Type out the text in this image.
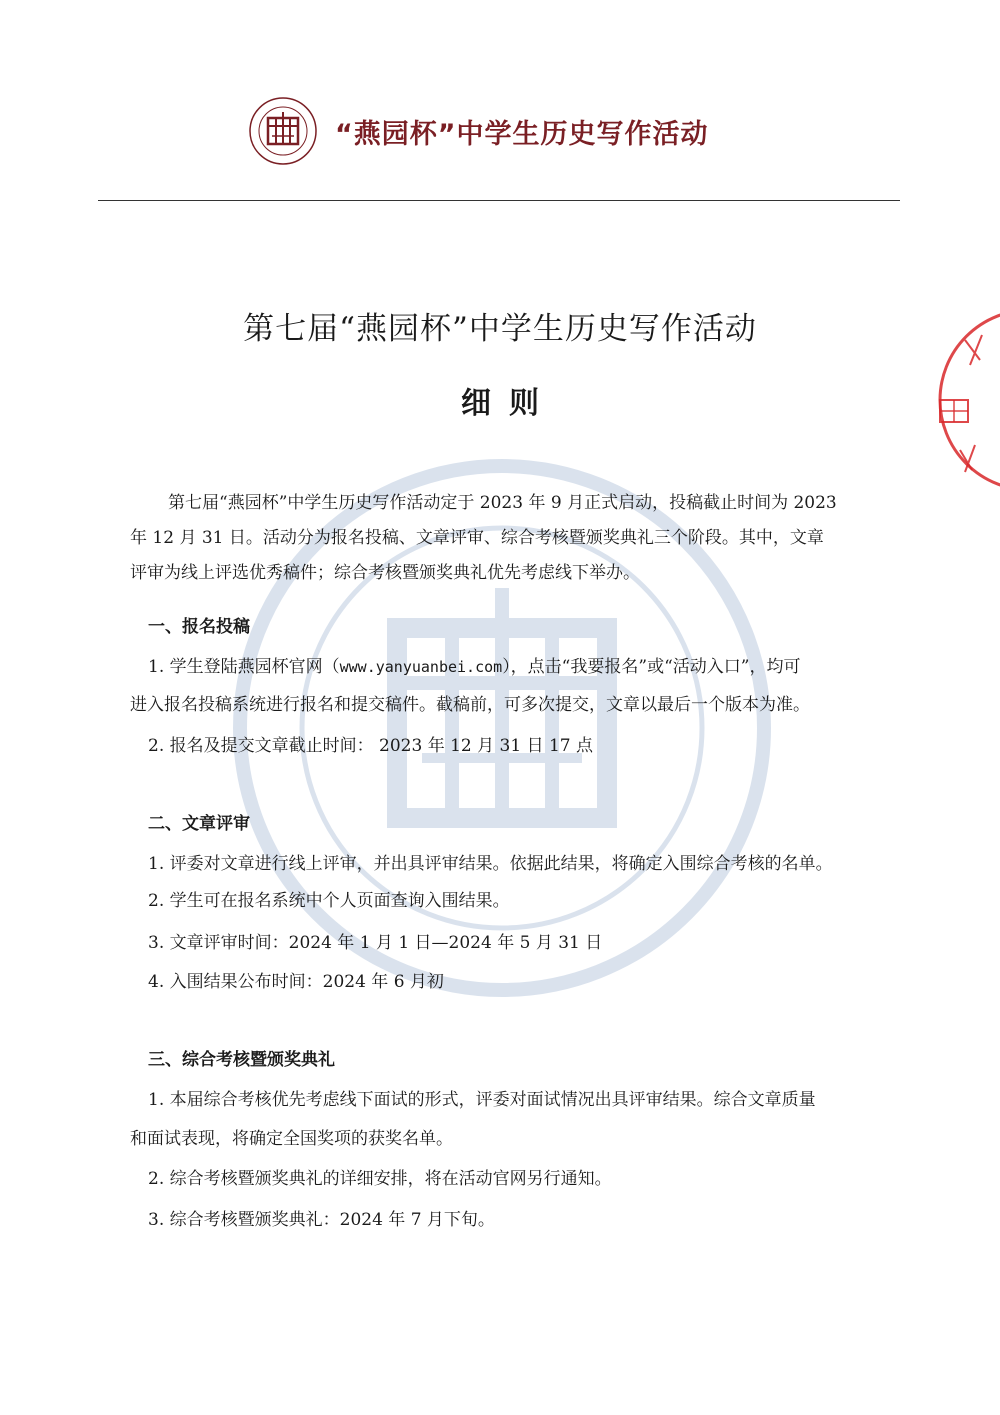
“燕园杯”中学生历史写作活动
第七届“燕园杯”中学生历史写作活动
细则
第七届“燕园杯”中学生历史写作活动定于 2023 年 9 月正式启动，投稿截止时间为 2023
年 12 月 31 日。活动分为报名投稿、文章评审、综合考核暨颁奖典礼三个阶段。其中，文章
评审为线上评选优秀稿件；综合考核暨颁奖典礼优先考虑线下举办。
一、报名投稿
1. 学生登陆燕园杯官网（www.yanyuanbei.com），点击“我要报名”或“活动入口”，均可
进入报名投稿系统进行报名和提交稿件。截稿前，可多次提交，文章以最后一个版本为准。
2. 报名及提交文章截止时间： 2023 年 12 月 31 日 17 点
二、文章评审
1. 评委对文章进行线上评审，并出具评审结果。依据此结果，将确定入围综合考核的名单。
2. 学生可在报名系统中个人页面查询入围结果。
3. 文章评审时间：2024 年 1 月 1 日—2024 年 5 月 31 日
4. 入围结果公布时间：2024 年 6 月初
三、综合考核暨颁奖典礼
1. 本届综合考核优先考虑线下面试的形式，评委对面试情况出具评审结果。综合文章质量
和面试表现，将确定全国奖项的获奖名单。
2. 综合考核暨颁奖典礼的详细安排，将在活动官网另行通知。
3. 综合考核暨颁奖典礼：2024 年 7 月下旬。
